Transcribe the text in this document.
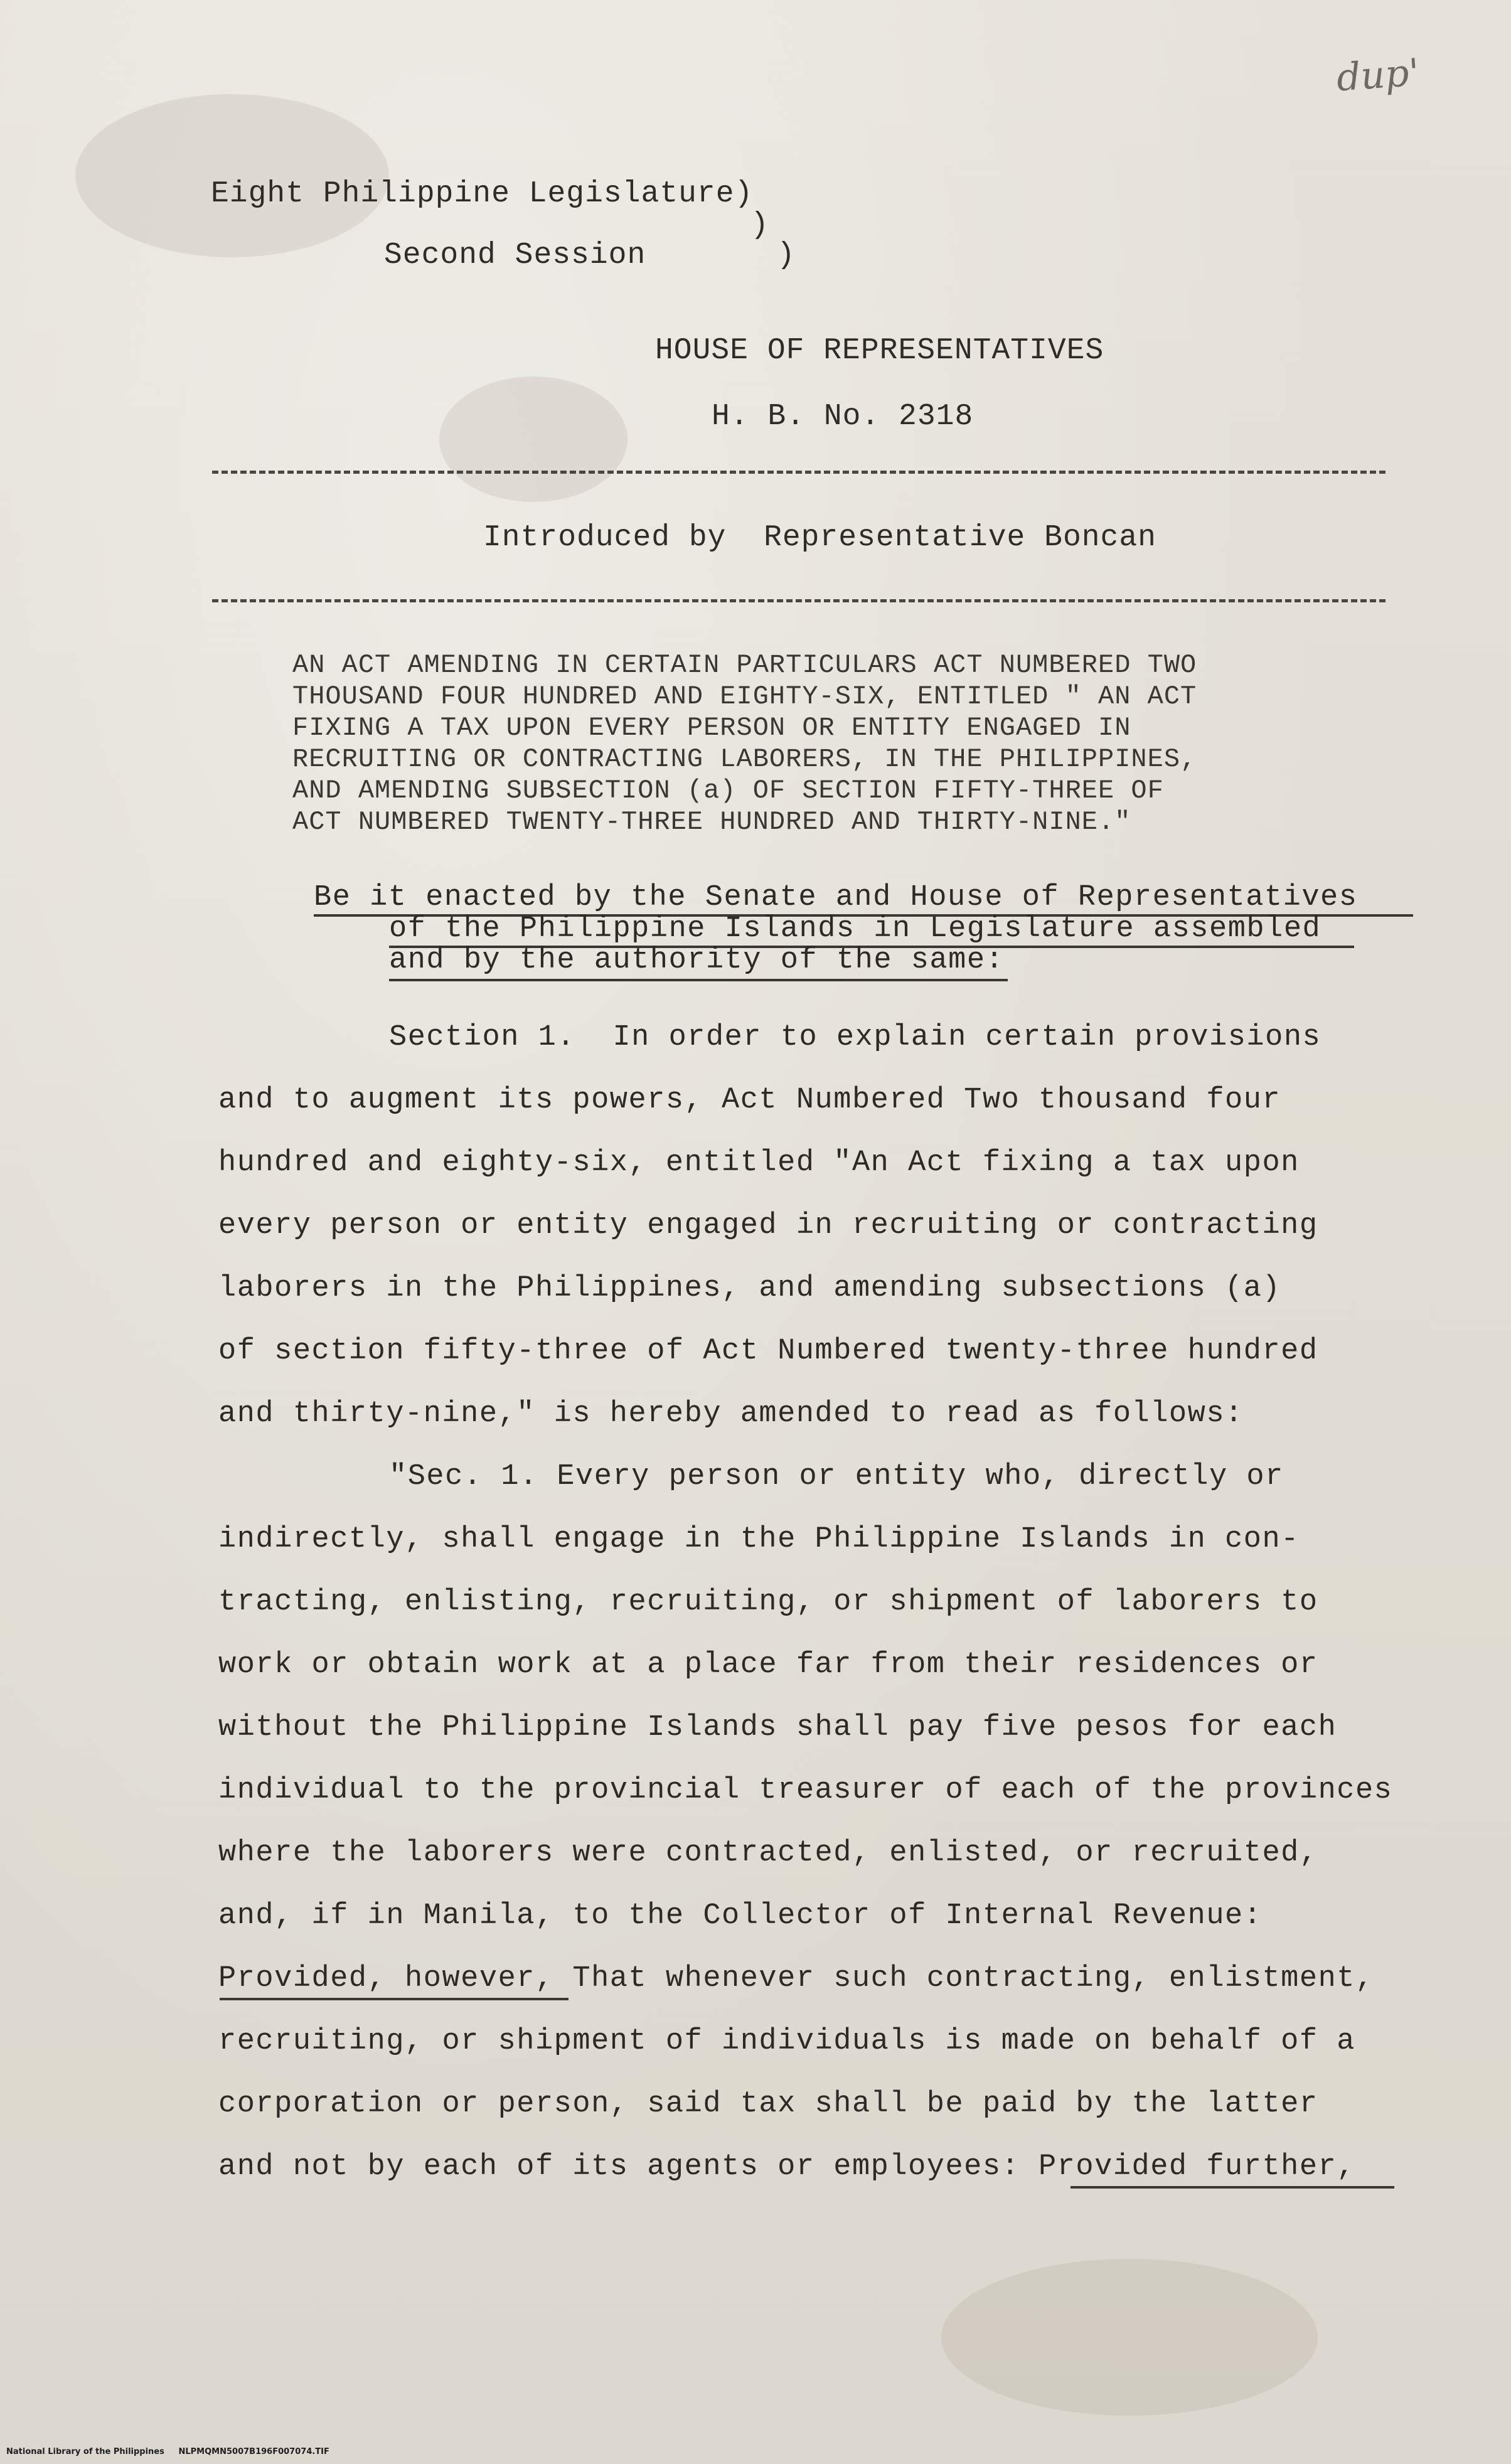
dup'
Eight Philippine Legislature)
)
Second Session       )
HOUSE OF REPRESENTATIVES
H. B. No. 2318
Introduced by  Representative Boncan
AN ACT AMENDING IN CERTAIN PARTICULARS ACT NUMBERED TWO
THOUSAND FOUR HUNDRED AND EIGHTY-SIX, ENTITLED " AN ACT
FIXING A TAX UPON EVERY PERSON OR ENTITY ENGAGED IN
RECRUITING OR CONTRACTING LABORERS, IN THE PHILIPPINES,
AND AMENDING SUBSECTION (a) OF SECTION FIFTY-THREE OF
ACT NUMBERED TWENTY-THREE HUNDRED AND THIRTY-NINE."
Be it enacted by the Senate and House of Representatives
of the Philippine Islands in Legislature assembled
and by the authority of the same:
Section 1.  In order to explain certain provisions
and to augment its powers, Act Numbered Two thousand four
hundred and eighty-six, entitled "An Act fixing a tax upon
every person or entity engaged in recruiting or contracting
laborers in the Philippines, and amending subsections (a)
of section fifty-three of Act Numbered twenty-three hundred
and thirty-nine," is hereby amended to read as follows:
"Sec. 1. Every person or entity who, directly or
indirectly, shall engage in the Philippine Islands in con-
tracting, enlisting, recruiting, or shipment of laborers to
work or obtain work at a place far from their residences or
without the Philippine Islands shall pay five pesos for each
individual to the provincial treasurer of each of the provinces
where the laborers were contracted, enlisted, or recruited,
and, if in Manila, to the Collector of Internal Revenue:
Provided, however, That whenever such contracting, enlistment,
recruiting, or shipment of individuals is made on behalf of a
corporation or person, said tax shall be paid by the latter
and not by each of its agents or employees: Provided further,
National Library of the Philippines     NLPMQMN5007B196F007074.TIF
